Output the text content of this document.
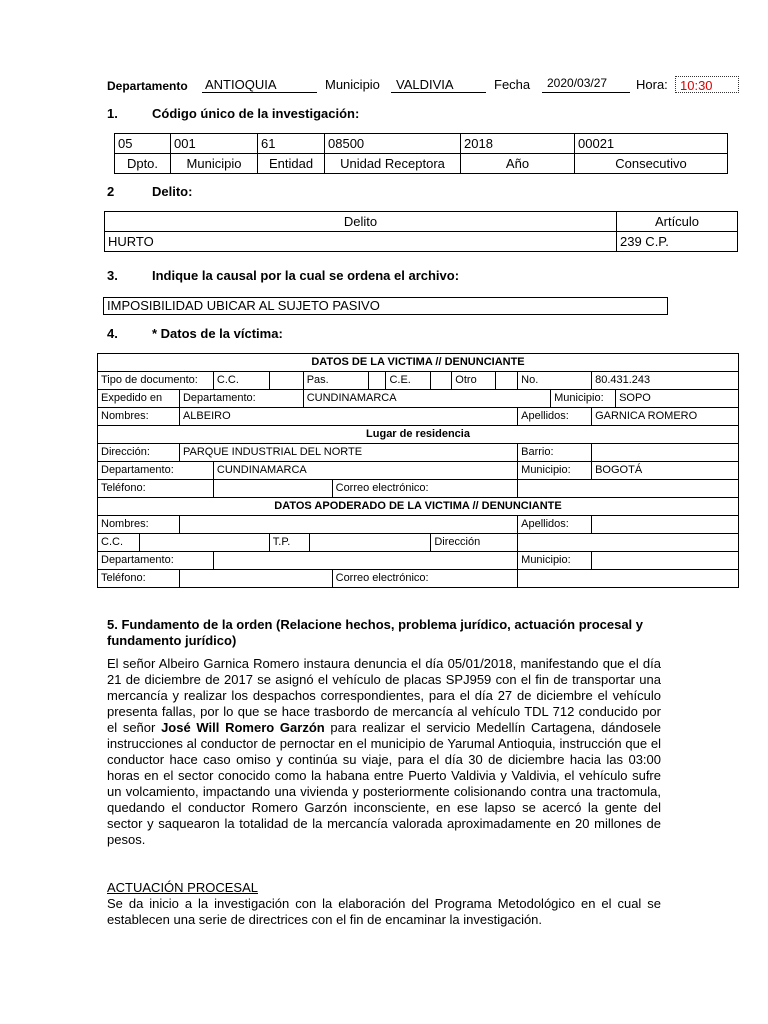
Departamento ANTIOQUIA	Municipio VALDIVIA	Fecha 2020/03/27 Hora: 10:30
1.	Código único de la investigación:
05	001	61	08500	2018	00021
Dpto.	Municipio	Entidad	Unidad Receptora	Año	Consecutivo
2	Delito:
Delito	Artículo
HURTO	239 C.P.
3.	Indique la causal por la cual se ordena el archivo:
IMPOSIBILIDAD UBICAR AL SUJETO PASIVO
4.	* Datos de la víctima:
DATOS DE LA VICTIMA // DENUNCIANTE																
Tipo de documento:			C.C.		Pas.				C.E.		Otro		No.		80.431.243	
Expedido en		Departamento:			CUNDINAMARCA									Municipio:		SOPO
Nombres:		ALBEIRO											Apellidos:		GARNICA ROMERO	
Lugar de residencia																
Dirección:		PARQUE INDUSTRIAL DEL NORTE											Barrio:			
Departamento:			CUNDINAMARCA										Municipio:		BOGOTÁ	
Teléfono:							Correo electrónico:									
DATOS APODERADO DE LA VICTIMA // DENUNCIANTE																
Nombres:													Apellidos:			
C.C.				T.P.						Dirección						
Departamento:													Municipio:			
Teléfono:							Correo electrónico:									
5. Fundamento de la orden (Relacione hechos, problema jurídico, actuación procesal y fundamento jurídico)
El señor Albeiro Garnica Romero instaura denuncia el día 05/01/2018, manifestando que el día 21 de diciembre de 2017 se asignó el vehículo de placas SPJ959 con el fin de transportar una mercancía y realizar los despachos correspondientes, para el día 27 de diciembre el vehículo presenta fallas, por lo que se hace trasbordo de mercancía al vehículo TDL 712 conducido por el señor José Will Romero Garzón para realizar el servicio Medellín Cartagena, dándosele instrucciones al conductor de pernoctar en el municipio de Yarumal Antioquia, instrucción que el conductor hace caso omiso y continúa su viaje, para el día 30 de diciembre hacia las 03:00 horas en el sector conocido como la habana entre Puerto Valdivia y Valdivia, el vehículo sufre un volcamiento, impactando una vivienda y posteriormente colisionando contra una tractomula, quedando el conductor Romero Garzón inconsciente, en ese lapso se acercó la gente del sector y saquearon la totalidad de la mercancía valorada aproximadamente en 20 millones de pesos.
ACTUACIÓN PROCESAL
Se da inicio a la investigación con la elaboración del Programa Metodológico en el cual se establecen una serie de directrices con el fin de encaminar la investigación.
